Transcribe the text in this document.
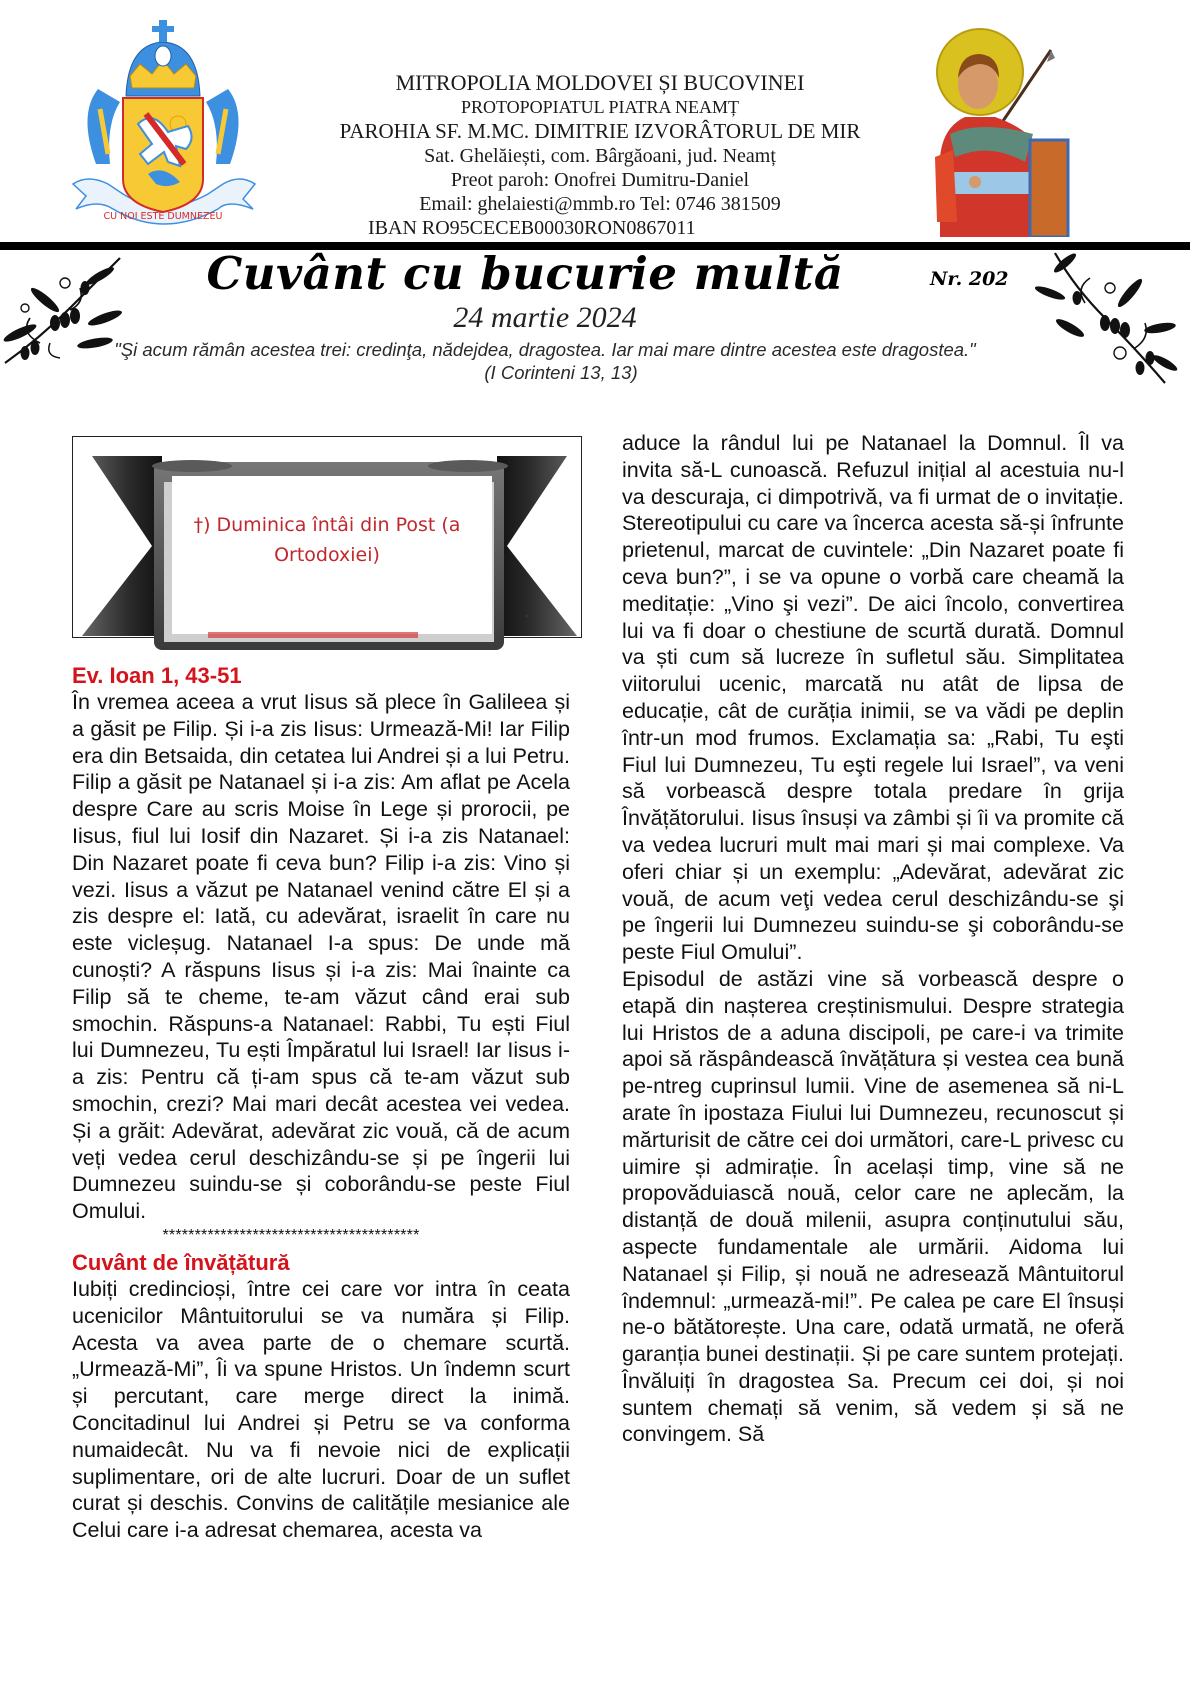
CU NOI ESTE DUMNEZEU
MITROPOLIA MOLDOVEI ȘI BUCOVINEI
PROTOPOPIATUL PIATRA NEAMȚ
PAROHIA SF. M.MC. DIMITRIE IZVORÂTORUL DE MIR
Sat. Ghelăiești, com. Bârgăoani, jud. Neamț
Preot paroh: Onofrei Dumitru-Daniel
Email: ghelaiesti@mmb.ro Tel: 0746 381509
IBAN RO95CECEB00030RON0867011
Cuvânt cu bucurie multă	Nr. 202
24 martie 2024
"Şi acum rămân acestea trei: credinţa, nădejdea, dragostea. Iar mai mare dintre acestea este dragostea." (I Corinteni 13, 13)
†) Duminica întâi din Post (a Ortodoxiei)
Ev. Ioan 1, 43-51

În vremea aceea a vrut Iisus să plece în Galileea și a găsit pe Filip. Și i-a zis Iisus: Urmează-Mi! Iar Filip era din Betsaida, din cetatea lui Andrei și a lui Petru. Filip a găsit pe Natanael și i-a zis: Am aflat pe Acela despre Care au scris Moise în Lege și prorocii, pe Iisus, fiul lui Iosif din Nazaret. Și i-a zis Natanael: Din Nazaret poate fi ceva bun? Filip i-a zis: Vino și vezi. Iisus a văzut pe Natanael venind către El și a zis despre el: Iată, cu adevărat, israelit în care nu este vicleșug. Natanael I-a spus: De unde mă cunoști? A răspuns Iisus și i-a zis: Mai înainte ca Filip să te cheme, te-am văzut când erai sub smochin. Răspuns-a Natanael: Rabbi, Tu ești Fiul lui Dumnezeu, Tu ești Împăratul lui Israel! Iar Iisus i-a zis: Pentru că ți-am spus că te-am văzut sub smochin, crezi? Mai mari decât acestea vei vedea. Și a grăit: Adevărat, adevărat zic vouă, că de acum veți vedea cerul deschizându-se și pe îngerii lui Dumnezeu suindu-se și coborându-se peste Fiul Omului.

****************************************
Cuvânt de învățătură

Iubiți credincioși, între cei care vor intra în ceata ucenicilor Mântuitorului se va număra și Filip. Acesta va avea parte de o chemare scurtă. „Urmează-Mi”, Îi va spune Hristos. Un îndemn scurt și percutant, care merge direct la inimă. Concitadinul lui Andrei și Petru se va conforma numaidecât. Nu va fi nevoie nici de explicații suplimentare, ori de alte lucruri. Doar de un suflet curat și deschis. Convins de calitățile mesianice ale Celui care i-a adresat chemarea, acesta va

aduce la rândul lui pe Natanael la Domnul. Îl va invita să-L cunoască. Refuzul inițial al acestuia nu-l va descuraja, ci dimpotrivă, va fi urmat de o invitație. Stereotipului cu care va încerca acesta să-și înfrunte prietenul, marcat de cuvintele: „Din Nazaret poate fi ceva bun?”, i se va opune o vorbă care cheamă la meditație: „Vino şi vezi”. De aici încolo, convertirea lui va fi doar o chestiune de scurtă durată. Domnul va ști cum să lucreze în sufletul său. Simplitatea viitorului ucenic, marcată nu atât de lipsa de educație, cât de curăția inimii, se va vădi pe deplin într-un mod frumos. Exclamația sa: „Rabi, Tu eşti Fiul lui Dumnezeu, Tu eşti regele lui Israel”, va veni să vorbească despre totala predare în grija Învățătorului. Iisus însuși va zâmbi și îi va promite că va vedea lucruri mult mai mari și mai complexe. Va oferi chiar și un exemplu: „Adevărat, adevărat zic vouă, de acum veţi vedea cerul deschizându-se şi pe îngerii lui Dumnezeu suindu-se şi coborându-se peste Fiul Omului”.

Episodul de astăzi vine să vorbească despre o etapă din nașterea creștinismului. Despre strategia lui Hristos de a aduna discipoli, pe care-i va trimite apoi să răspândească învățătura și vestea cea bună pe-ntreg cuprinsul lumii. Vine de asemenea să ni-L arate în ipostaza Fiului lui Dumnezeu, recunoscut și mărturisit de către cei doi următori, care-L privesc cu uimire și admirație. În același timp, vine să ne propovăduiască nouă, celor care ne aplecăm, la distanță de două milenii, asupra conținutului său, aspecte fundamentale ale urmării. Aidoma lui Natanael și Filip, și nouă ne adresează Mântuitorul îndemnul: „urmează-mi!”. Pe calea pe care El însuși ne-o bătătorește. Una care, odată urmată, ne oferă garanția bunei destinații. Și pe care suntem protejați. Învăluiți în dragostea Sa. Precum cei doi, și noi suntem chemați să venim, să vedem și să ne convingem. Să
